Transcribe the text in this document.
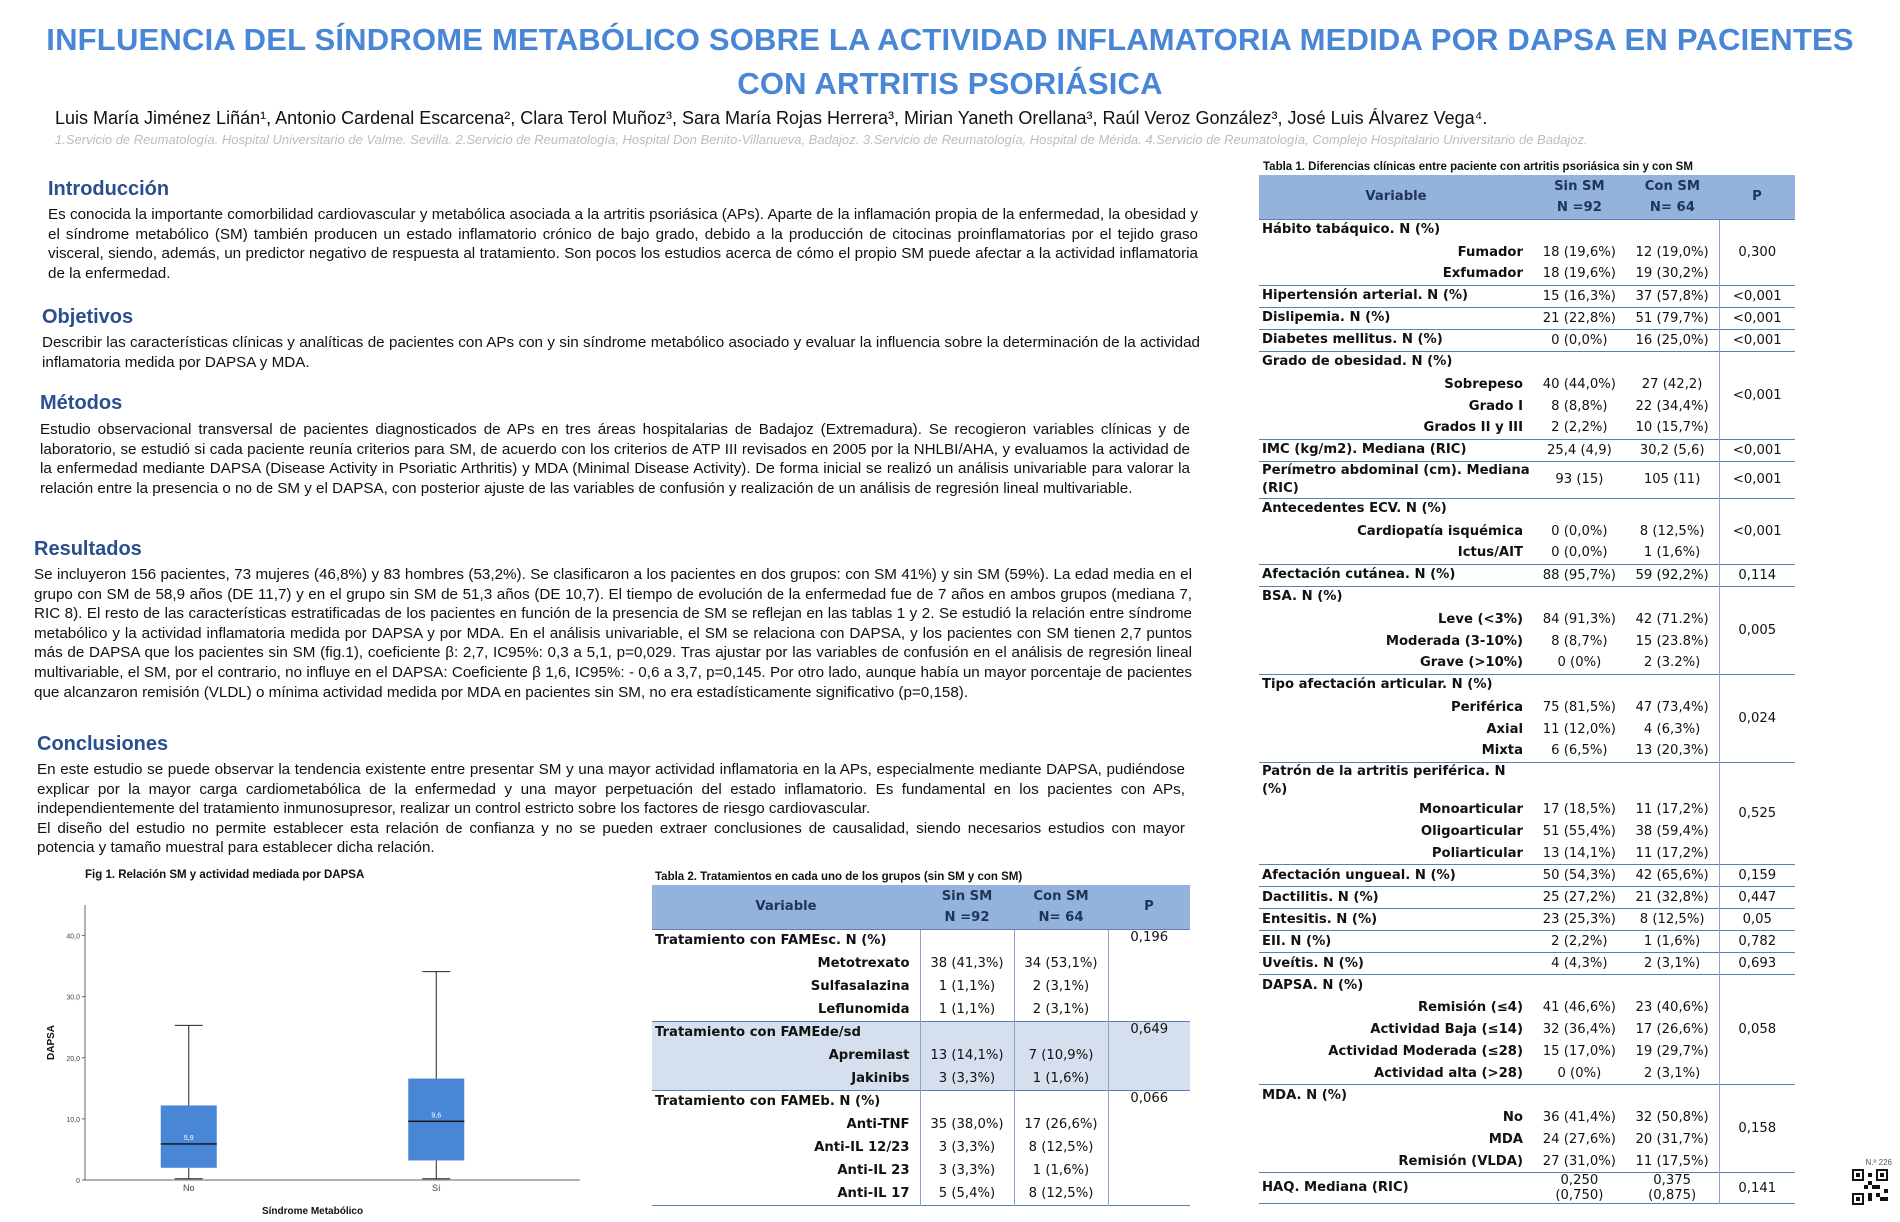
INFLUENCIA DEL SÍNDROME METABÓLICO SOBRE LA ACTIVIDAD INFLAMATORIA MEDIDA POR DAPSA EN PACIENTES
CON ARTRITIS PSORIÁSICA
Luis María Jiménez Liñán¹, Antonio Cardenal Escarcena², Clara Terol Muñoz³, Sara María Rojas Herrera³, Mirian Yaneth Orellana³, Raúl Veroz González³, José Luis Álvarez Vega⁴.
1.Servicio de Reumatología. Hospital Universitario de Valme. Sevilla. 2.Servicio de Reumatología, Hospital Don Benito-Villanueva, Badajoz. 3.Servicio de Reumatología, Hospital de Mérida. 4.Servicio de Reumatología, Complejo Hospitalario Universitario de Badajoz.
Introducción

Es conocida la importante comorbilidad cardiovascular y metabólica asociada a la artritis psoriásica (APs). Aparte de la inflamación propia de la enfermedad, la obesidad y el síndrome metabólico (SM) también producen un estado inflamatorio crónico de bajo grado, debido a la producción de citocinas proinflamatorias por el tejido graso visceral, siendo, además, un predictor negativo de respuesta al tratamiento. Son pocos los estudios acerca de cómo el propio SM puede afectar a la actividad inflamatoria de la enfermedad.

Objetivos

Describir las características clínicas y analíticas de pacientes con APs con y sin síndrome metabólico asociado y evaluar la influencia sobre la determinación de la actividad inflamatoria medida por DAPSA y MDA.

Métodos

Estudio observacional transversal de pacientes diagnosticados de APs en tres áreas hospitalarias de Badajoz (Extremadura). Se recogieron variables clínicas y de laboratorio, se estudió si cada paciente reunía criterios para SM, de acuerdo con los criterios de ATP III revisados en 2005 por la NHLBI/AHA, y evaluamos la actividad de la enfermedad mediante DAPSA (Disease Activity in Psoriatic Arthritis) y MDA (Minimal Disease Activity). De forma inicial se realizó un análisis univariable para valorar la relación entre la presencia o no de SM y el DAPSA, con posterior ajuste de las variables de confusión y realización de un análisis de regresión lineal multivariable.

Resultados

Se incluyeron 156 pacientes, 73 mujeres (46,8%) y 83 hombres (53,2%). Se clasificaron a los pacientes en dos grupos: con SM 41%) y sin SM (59%). La edad media en el grupo con SM de 58,9 años (DE 11,7) y en el grupo sin SM de 51,3 años (DE 10,7). El tiempo de evolución de la enfermedad fue de 7 años en ambos grupos (mediana 7, RIC 8). El resto de las características estratificadas de los pacientes en función de la presencia de SM se reflejan en las tablas 1 y 2. Se estudió la relación entre síndrome metabólico y la actividad inflamatoria medida por DAPSA y por MDA. En el análisis univariable, el SM se relaciona con DAPSA, y los pacientes con SM tienen 2,7 puntos más de DAPSA que los pacientes sin SM (fig.1), coeficiente β: 2,7, IC95%: 0,3 a 5,1, p=0,029. Tras ajustar por las variables de confusión en el análisis de regresión lineal multivariable, el SM, por el contrario, no influye en el DAPSA: Coeficiente β 1,6, IC95%: - 0,6 a 3,7, p=0,145. Por otro lado, aunque había un mayor porcentaje de pacientes que alcanzaron remisión (VLDL) o mínima actividad medida por MDA en pacientes sin SM, no era estadísticamente significativo (p=0,158).

Conclusiones

En este estudio se puede observar la tendencia existente entre presentar SM y una mayor actividad inflamatoria en la APs, especialmente mediante DAPSA, pudiéndose explicar por la mayor carga cardiometabólica de la enfermedad y una mayor perpetuación del estado inflamatorio. Es fundamental en los pacientes con APs, independientemente del tratamiento inmunosupresor, realizar un control estricto sobre los factores de riesgo cardiovascular.

El diseño del estudio no permite establecer esta relación de confianza y no se pueden extraer conclusiones de causalidad, siendo necesarios estudios con mayor potencia y tamaño muestral para establecer dicha relación.

Fig 1. Relación SM y actividad mediada por DAPSA
0
10,0
20,0
30,0
40,0
DAPSA
Síndrome Metabólico
5,9
No
9,6
Sí
Tabla 2. Tratamientos en cada uno de los grupos (sin SM y con SM)
Variable	Sin SM	Con SM	P
	N =92	N= 64	
Tratamiento con FAMEsc. N (%)			0,196
Metotrexato	38 (41,3%)	34 (53,1%)	
Sulfasalazina	1 (1,1%)	2 (3,1%)	
Leflunomida	1 (1,1%)	2 (3,1%)	
Tratamiento con FAMEde/sd			0,649
Apremilast	13 (14,1%)	7 (10,9%)	
Jakinibs	3 (3,3%)	1 (1,6%)	
Tratamiento con FAMEb. N (%)			0,066
Anti-TNF	35 (38,0%)	17 (26,6%)	
Anti-IL 12/23	3 (3,3%)	8 (12,5%)	
Anti-IL 23	3 (3,3%)	1 (1,6%)	
Anti-IL 17	5 (5,4%)	8 (12,5%)	

Tabla 1. Diferencias clínicas entre paciente con artritis psoriásica sin y con SM
Variable	Sin SM	Con SM	P
	N =92	N= 64	
Hábito tabáquico. N (%)			0,300
Fumador	18 (19,6%)	12 (19,0%)	
Exfumador	18 (19,6%)	19 (30,2%)	
Hipertensión arterial. N (%)	15 (16,3%)	37 (57,8%)	<0,001
Dislipemia. N (%)	21 (22,8%)	51 (79,7%)	<0,001
Diabetes mellitus. N (%)	0 (0,0%)	16 (25,0%)	<0,001
Grado de obesidad. N (%)			<0,001
Sobrepeso	40 (44,0%)	27 (42,2)	
Grado I	8 (8,8%)	22 (34,4%)	
Grados II y III	2 (2,2%)	10 (15,7%)	
IMC (kg/m2). Mediana (RIC)	25,4 (4,9)	30,2 (5,6)	<0,001
Perímetro abdominal (cm). Mediana (RIC)	93 (15)	105 (11)	<0,001
Antecedentes ECV. N (%)			<0,001
Cardiopatía isquémica	0 (0,0%)	8 (12,5%)	
Ictus/AIT	0 (0,0%)	1 (1,6%)	
Afectación cutánea. N (%)	88 (95,7%)	59 (92,2%)	0,114
BSA. N (%)			0,005
Leve (<3%)	84 (91,3%)	42 (71.2%)	
Moderada (3-10%)	8 (8,7%)	15 (23.8%)	
Grave (>10%)	0 (0%)	2 (3.2%)	
Tipo afectación articular. N (%)			0,024
Periférica	75 (81,5%)	47 (73,4%)	
Axial	11 (12,0%)	4 (6,3%)	
Mixta	6 (6,5%)	13 (20,3%)	
Patrón de la artritis periférica. N (%)			0,525
Monoarticular	17 (18,5%)	11 (17,2%)	
Oligoarticular	51 (55,4%)	38 (59,4%)	
Poliarticular	13 (14,1%)	11 (17,2%)	
Afectación ungueal. N (%)	50 (54,3%)	42 (65,6%)	0,159
Dactilitis. N (%)	25 (27,2%)	21 (32,8%)	0,447
Entesitis. N (%)	23 (25,3%)	8 (12,5%)	0,05
EII. N (%)	2 (2,2%)	1 (1,6%)	0,782
Uveítis. N (%)	4 (4,3%)	2 (3,1%)	0,693
DAPSA. N (%)			0,058
Remisión (≤4)	41 (46,6%)	23 (40,6%)	
Actividad Baja (≤14)	32 (36,4%)	17 (26,6%)	
Actividad Moderada (≤28)	15 (17,0%)	19 (29,7%)	
Actividad alta (>28)	0 (0%)	2 (3,1%)	
MDA. N (%)			0,158
No	36 (41,4%)	32 (50,8%)	
MDA	24 (27,6%)	20 (31,7%)	
Remisión (VLDA)	27 (31,0%)	11 (17,5%)	
HAQ. Mediana (RIC)	0,250 (0,750)	0,375 (0,875)	0,141

N.º 226
